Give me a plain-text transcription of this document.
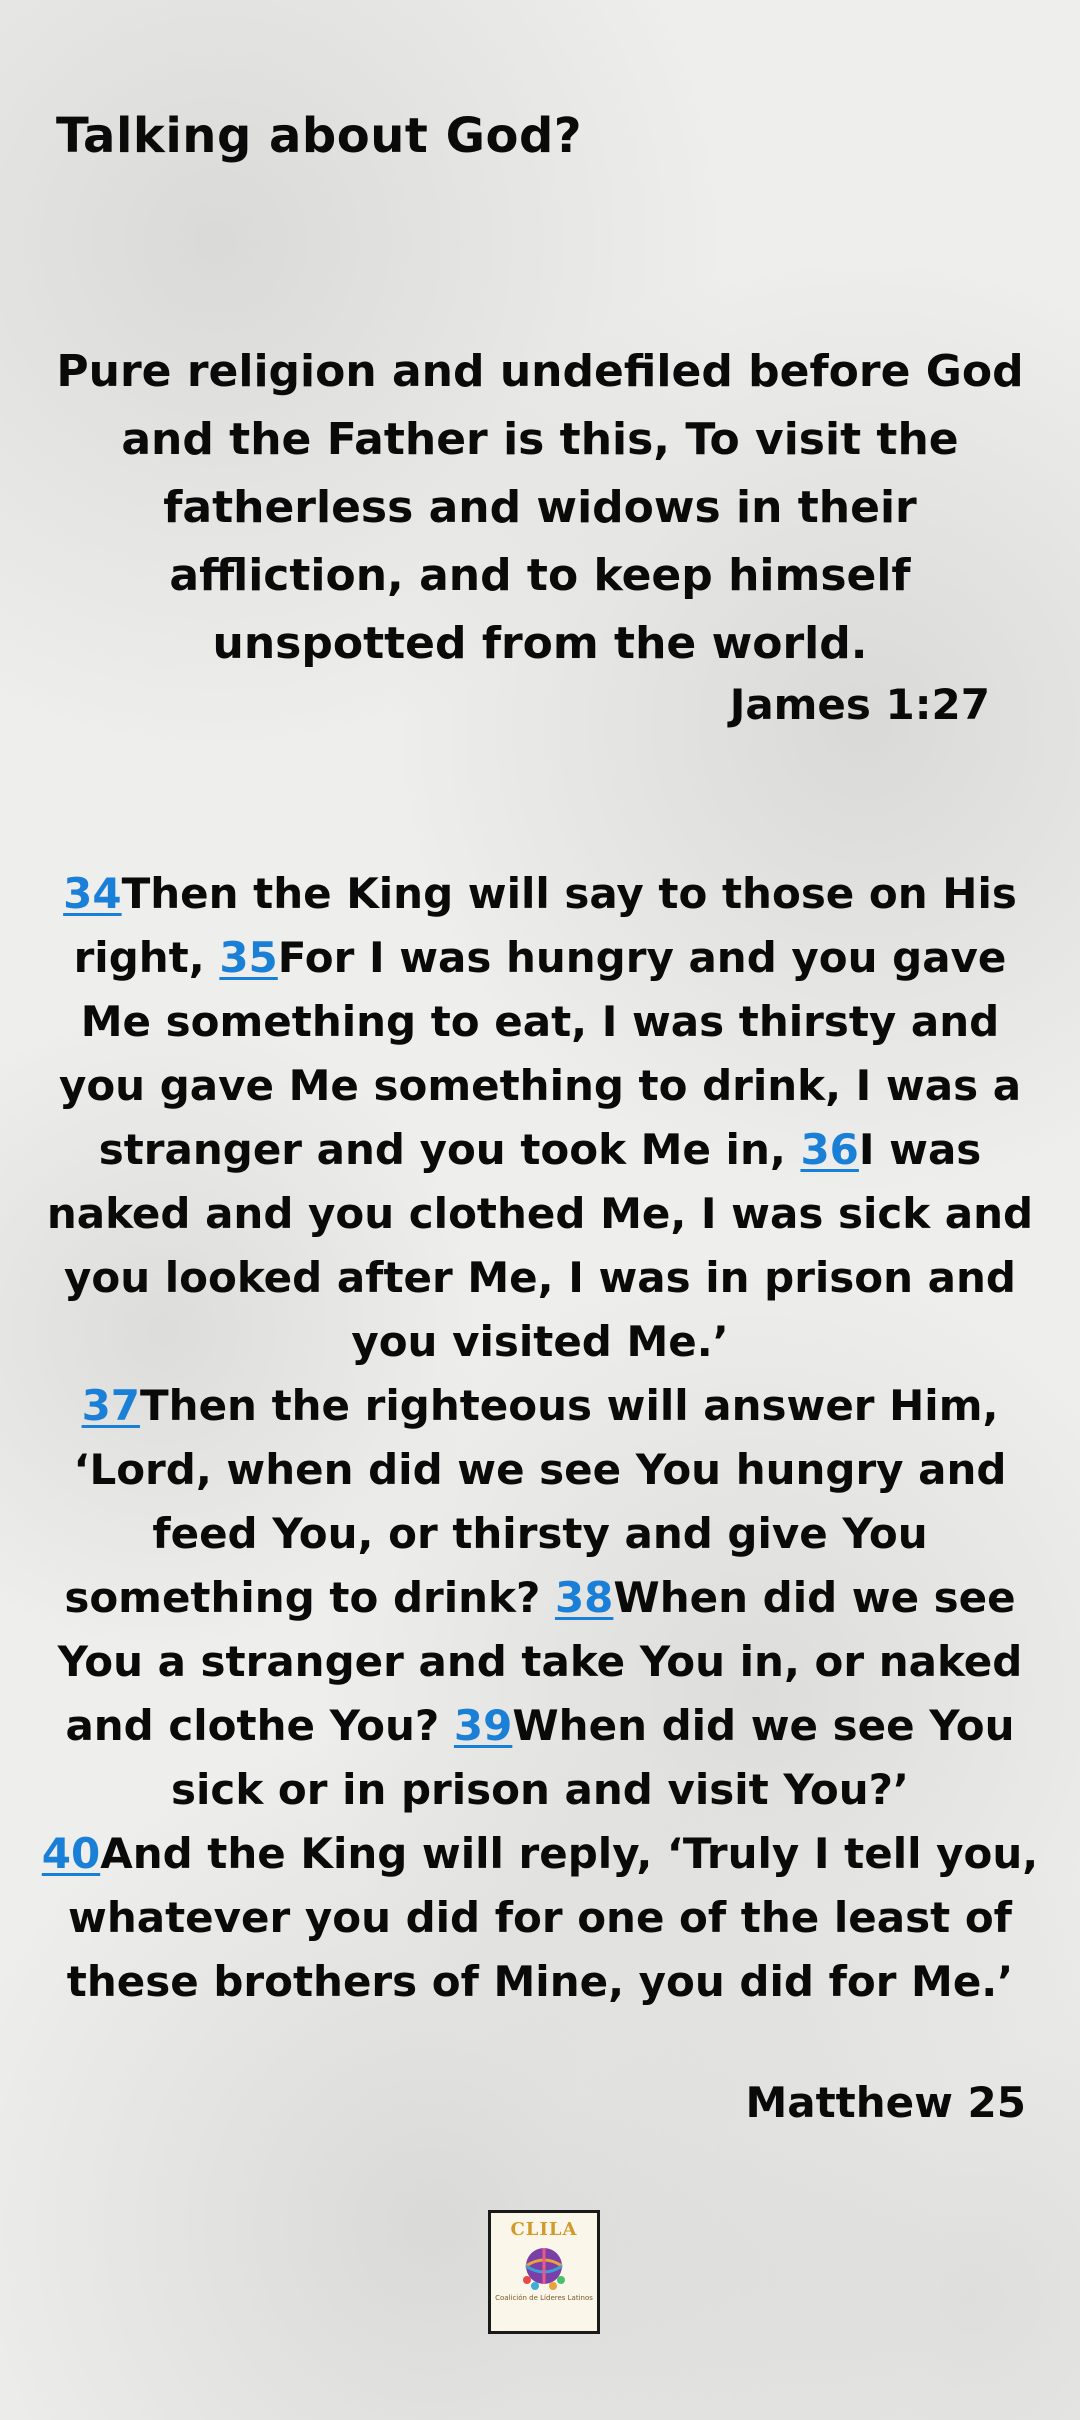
Talking about God?
Pure religion and undefiled before God and the Father is this, To visit the fatherless and widows in their affliction, and to keep himself unspotted from the world.
James 1:27
34Then the King will say to those on His right, 35For I was hungry and you gave Me something to eat, I was thirsty and you gave Me something to drink, I was a stranger and you took Me in, 36I was naked and you clothed Me, I was sick and you looked after Me, I was in prison and you visited Me.’
37Then the righteous will answer Him, ‘Lord, when did we see You hungry and feed You, or thirsty and give You something to drink? 38When did we see You a stranger and take You in, or naked and clothe You? 39When did we see You sick or in prison and visit You?’
40And the King will reply, ‘Truly I tell you, whatever you did for one of the least of these brothers of Mine, you did for Me.’
Matthew 25
CLILA
Coalición de Líderes Latinos
